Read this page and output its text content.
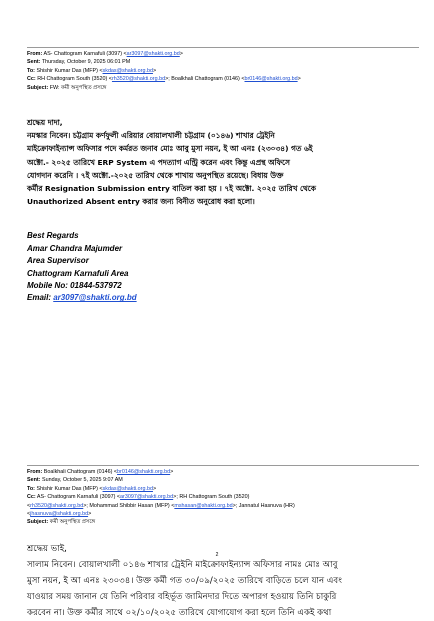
From: AS- Chattogram Karnafuli (3097) <ar3097@shakti.org.bd>
Sent: Thursday, October 9, 2025 06:01 PM
To: Shishir Kumar Das (MFP) <skdas@shakti.org.bd>
Cc: RH Chattogram South (3520) <rh3520@shakti.org.bd>; Boalkhali Chattogram (0146) <br0146@shakti.org.bd>
Subject: FW: কর্মী অনুপস্থিত প্রসঙ্গে
শ্রদ্ধেয় দাদা,
নমস্কার নিবেন। চট্টগ্রাম কর্ণফুলী এরিয়ার বোয়ালখালী চট্টগ্রাম (০১৪৬) শাখার ট্রেইনি
মাইক্রোফাইন্যান্স অফিসার পদে কর্মরত জনাব মোঃ আবু মুসা নয়ন, ই আ এনঃ (২৩০৩৪) গত ৬ই
অক্টো.- ২০২৫ তারিখে ERP System এ পদত্যাগ এন্ট্রি করেন এবং কিন্তু এপ্রন্থ অফিসে
যোগদান করেনি । ৭ই অক্টো.-২০২৫ তারিখ থেকে শাখায় অনুপস্থিত রয়েছে। বিধায় উক্ত
কর্মীর Resignation Submission entry বাতিল করা হয় । ৭ই অক্টো. ২০২৫ তারিখ থেকে
Unauthorized Absent entry করার জন্য বিনীত অনুরোধ করা হলো।
Best Regards
Amar Chandra Majumder
Area Supervisor
Chattogram Karnafuli Area
Mobile No: 01844-537972
Email: ar3097@shakti.org.bd
From: Boalkhali Chattogram (0146) <br0146@shakti.org.bd>
Sent: Sunday, October 5, 2025 9:07 AM
To: Shishir Kumar Das (MFP) <skdas@shakti.org.bd>
Cc: AS- Chattogram Karnafuli (3097) <ar3097@shakti.org.bd>; RH Chattogram South (3520)
<rh3520@shakti.org.bd>; Mohammad Shibbir Hasan (MFP) <mshasan@shakti.org.bd>; Jannatul Hasnuva (HR)
<jhasnuva@shakti.org.bd>
Subject: কর্মী অনুপস্থিত প্রসঙ্গে
শ্রদ্ধেয় ভাই,
সালাম নিবেন। বোয়ালখালী ০১৪৬ শাখার ট্রেইনি মাইক্রোফাইন্যান্স অফিসার নামঃ মোঃ আবু
মুসা নয়ন, ই আ এনঃ ২৩০৩৪। উক্ত কর্মী গত ৩০/০৯/২০২৫ তারিখে বাড়িতে চলে যান এবং
যাওয়ার সময় জানান যে তিনি পরিবার বহির্ভূত জামিনদার দিতে অপারগ হওয়ায় তিনি চাকুরি
করবেন না। উক্ত কর্মীর সাথে ০২/১০/২০২৫ তারিখে যোগাযোগ করা হলে তিনি একই কথা
2
